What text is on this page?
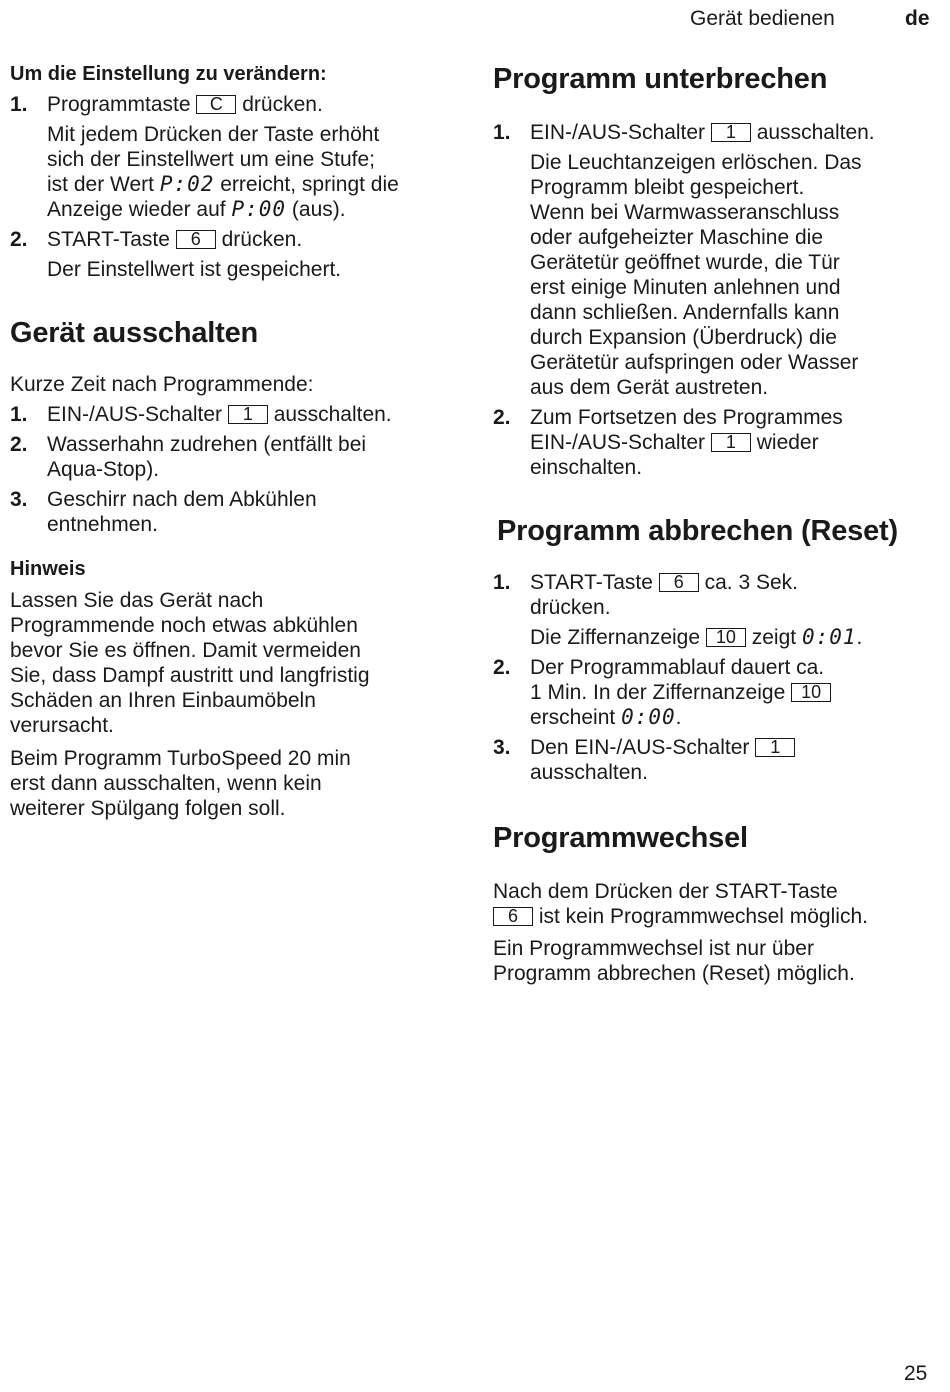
Gerät bedienen	de
Um die Einstellung zu verändern:
1. Programmtaste C drücken.
Mit jedem Drücken der Taste erhöht
sich der Einstellwert um eine Stufe;
ist der Wert P:02 erreicht, springt die
Anzeige wieder auf P:00 (aus).
2. START-Taste 6 drücken.
Der Einstellwert ist gespeichert.
Gerät ausschalten

Kurze Zeit nach Programmende:

1. EIN-/AUS-Schalter 1 ausschalten.
2. Wasserhahn zudrehen (entfällt bei
Aqua-Stop).
3. Geschirr nach dem Abkühlen
entnehmen.
Hinweis
Lassen Sie das Gerät nach
Programmende noch etwas abkühlen
bevor Sie es öffnen. Damit vermeiden
Sie, dass Dampf austritt und langfristig
Schäden an Ihren Einbaumöbeln
verursacht.
Beim Programm TurboSpeed 20 min
erst dann ausschalten, wenn kein
weiterer Spülgang folgen soll.
Programm unterbrechen
1. EIN-/AUS-Schalter 1 ausschalten.
Die Leuchtanzeigen erlöschen. Das
Programm bleibt gespeichert.
Wenn bei Warmwasseranschluss
oder aufgeheizter Maschine die
Gerätetür geöffnet wurde, die Tür
erst einige Minuten anlehnen und
dann schließen. Andernfalls kann
durch Expansion (Überdruck) die
Gerätetür aufspringen oder Wasser
aus dem Gerät austreten.
2. Zum Fortsetzen des Programmes
EIN-/AUS-Schalter 1 wieder
einschalten.
Programm abbrechen (Reset)
1. START-Taste 6 ca. 3 Sek.
drücken.
Die Ziffernanzeige 10 zeigt 0:01.
2. Der Programmablauf dauert ca.
1 Min. In der Ziffernanzeige 10
erscheint 0:00.
3. Den EIN-/AUS-Schalter 1
ausschalten.
Programmwechsel
Nach dem Drücken der START-Taste
6 ist kein Programmwechsel möglich.
Ein Programmwechsel ist nur über
Programm abbrechen (Reset) möglich.
25
